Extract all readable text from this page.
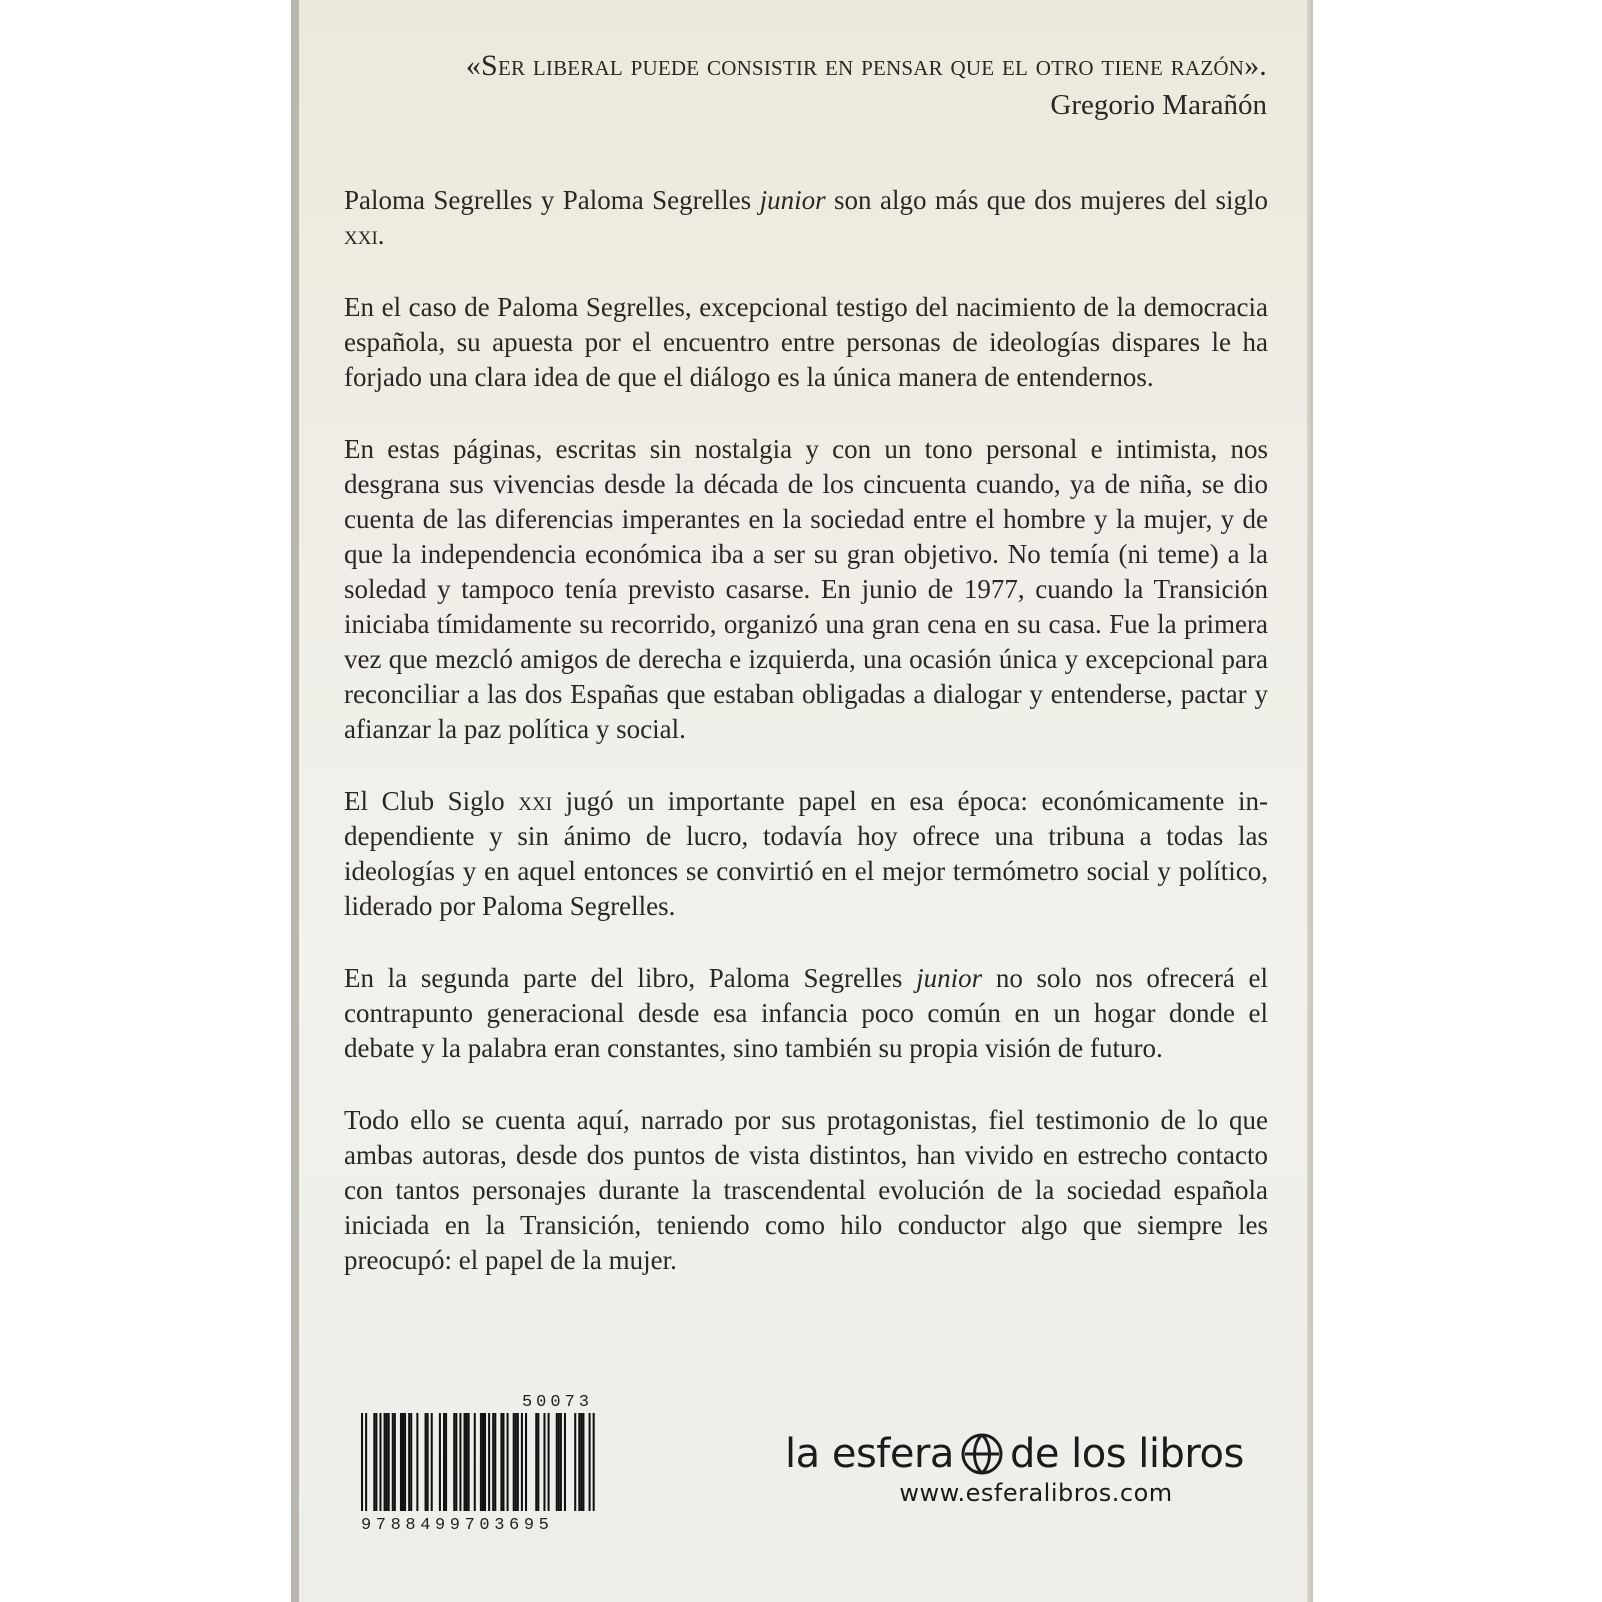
«Ser liberal puede consistir en pensar que el otro tiene razón».
Gregorio Marañón

Paloma Segrelles y Paloma Segrelles junior son algo más que dos mujeres del siglo xxi.

En el caso de Paloma Segrelles, excepcional testigo del nacimiento de la democracia española, su apuesta por el encuentro entre personas de ideologías dispares le ha forjado una clara idea de que el diálogo es la única manera de entendernos.

En estas páginas, escritas sin nostalgia y con un tono personal e intimista, nos desgrana sus vivencias desde la década de los cincuenta cuando, ya de niña, se dio cuenta de las diferencias imperantes en la sociedad entre el hombre y la mujer, y de que la independencia económica iba a ser su gran objetivo. No temía (ni teme) a la soledad y tampoco tenía previsto casarse. En junio de 1977, cuando la Transición iniciaba tímidamente su recorrido, organizó una gran cena en su casa. Fue la primera vez que mezcló amigos de derecha e izquierda, una ocasión única y excepcional para reconciliar a las dos Españas que estaban obligadas a dialogar y entenderse, pactar y afianzar la paz política y social.

El Club Siglo xxi jugó un importante papel en esa época: económicamente independiente y sin ánimo de lucro, todavía hoy ofrece una tribuna a todas las ideologías y en aquel entonces se convirtió en el mejor termómetro social y político, liderado por Paloma Segrelles.

En la segunda parte del libro, Paloma Segrelles junior no solo nos ofrecerá el contrapunto generacional desde esa infancia poco común en un hogar donde el debate y la palabra eran constantes, sino también su propia visión de futuro.

Todo ello se cuenta aquí, narrado por sus protagonistas, fiel testimonio de lo que ambas autoras, desde dos puntos de vista distintos, han vivido en estrecho contacto con tantos personajes durante la trascendental evolución de la sociedad española iniciada en la Transición, teniendo como hilo conductor algo que siempre les preocupó: el papel de la mujer.

50073
9788499703695
la esfera de los libros
www.esferalibros.com
